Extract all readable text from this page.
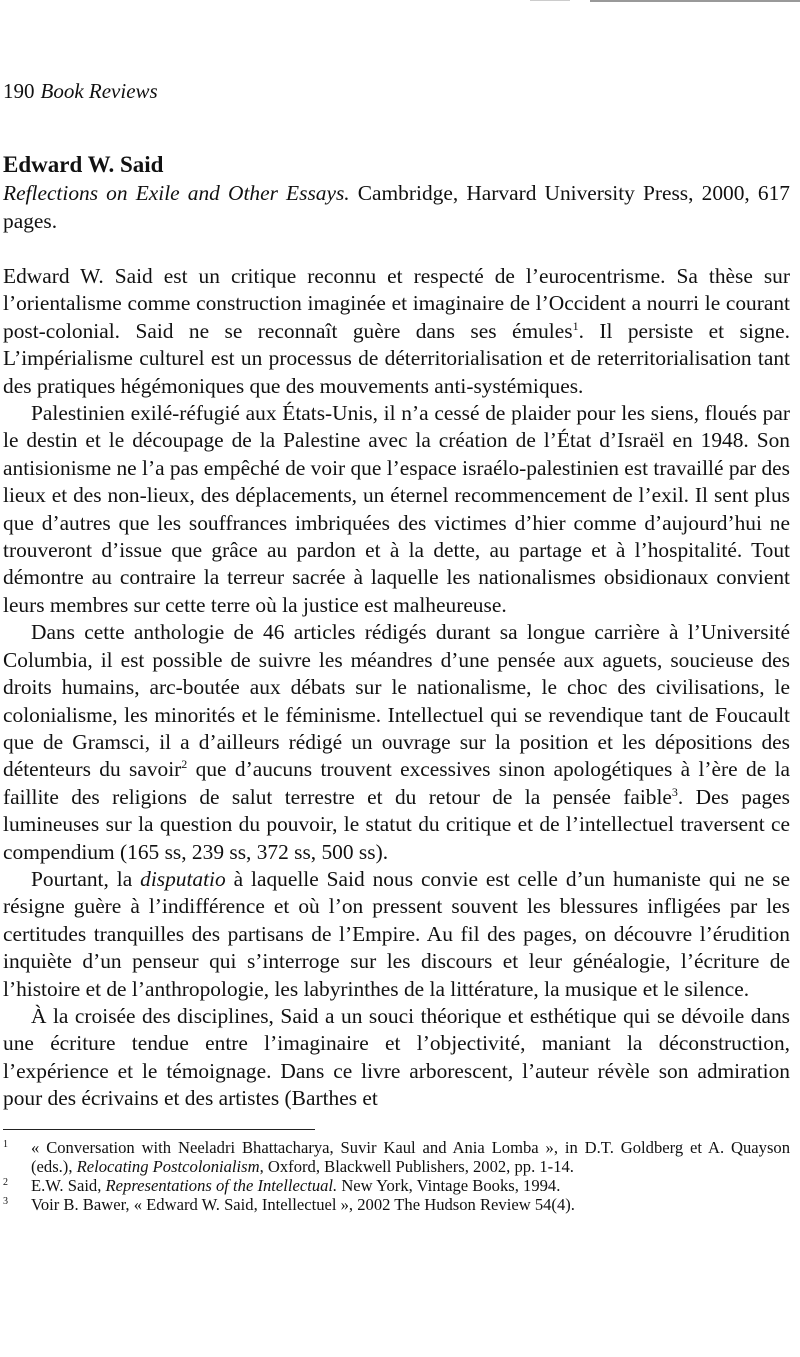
190 Book Reviews
Edward W. Said
Reflections on Exile and Other Essays. Cambridge, Harvard University Press, 2000, 617 pages.

Edward W. Said est un critique reconnu et respecté de l’eurocentrisme. Sa thèse sur l’orientalisme comme construction imaginée et imaginaire de l’Occident a nourri le courant post-colonial. Said ne se reconnaît guère dans ses émules$^1$. Il persiste et signe. L’impérialisme culturel est un processus de déterritorialisation et de reterritorialisation tant des pratiques hégémoniques que des mouvements anti-systémiques.

Palestinien exilé-réfugié aux États-Unis, il n’a cessé de plaider pour les siens, floués par le destin et le découpage de la Palestine avec la création de l’État d’Israël en 1948. Son antisionisme ne l’a pas empêché de voir que l’espace israélo-palestinien est travaillé par des lieux et des non-lieux, des déplacements, un éternel recommencement de l’exil. Il sent plus que d’autres que les souffrances imbriquées des victimes d’hier comme d’aujourd’hui ne trouveront d’issue que grâce au pardon et à la dette, au partage et à l’hospitalité. Tout démontre au contraire la terreur sacrée à laquelle les nationalismes obsidionaux convient leurs membres sur cette terre où la justice est malheureuse.

Dans cette anthologie de 46 articles rédigés durant sa longue carrière à l’Université Columbia, il est possible de suivre les méandres d’une pensée aux aguets, soucieuse des droits humains, arc-boutée aux débats sur le nationalisme, le choc des civilisations, le colonialisme, les minorités et le féminisme. Intellectuel qui se revendique tant de Foucault que de Gramsci, il a d’ailleurs rédigé un ouvrage sur la position et les dépositions des détenteurs du savoir$^2$ que d’aucuns trouvent excessives sinon apologétiques à l’ère de la faillite des religions de salut terrestre et du retour de la pensée faible$^3$. Des pages lumineuses sur la question du pouvoir, le statut du critique et de l’intellectuel traversent ce compendium (165 ss, 239 ss, 372 ss, 500 ss).

Pourtant, la disputatio à laquelle Said nous convie est celle d’un humaniste qui ne se résigne guère à l’indifférence et où l’on pressent souvent les blessures infligées par les certitudes tranquilles des partisans de l’Empire. Au fil des pages, on découvre l’érudition inquiète d’un penseur qui s’interroge sur les discours et leur généalogie, l’écriture de l’histoire et de l’anthropologie, les labyrinthes de la littérature, la musique et le silence.

À la croisée des disciplines, Said a un souci théorique et esthétique qui se dévoile dans une écriture tendue entre l’imaginaire et l’objectivité, maniant la déconstruction, l’expérience et le témoignage. Dans ce livre arborescent, l’auteur révèle son admiration pour des écrivains et des artistes (Barthes et

1	« Conversation with Neeladri Bhattacharya, Suvir Kaul and Ania Lomba », in D.T. Goldberg et A. Quayson (eds.), Relocating Postcolonialism, Oxford, Blackwell Publishers, 2002, pp. 1-14.
2	E.W. Said, Representations of the Intellectual. New York, Vintage Books, 1994.
3	Voir B. Bawer, « Edward W. Said, Intellectuel », 2002 The Hudson Review 54(4).
